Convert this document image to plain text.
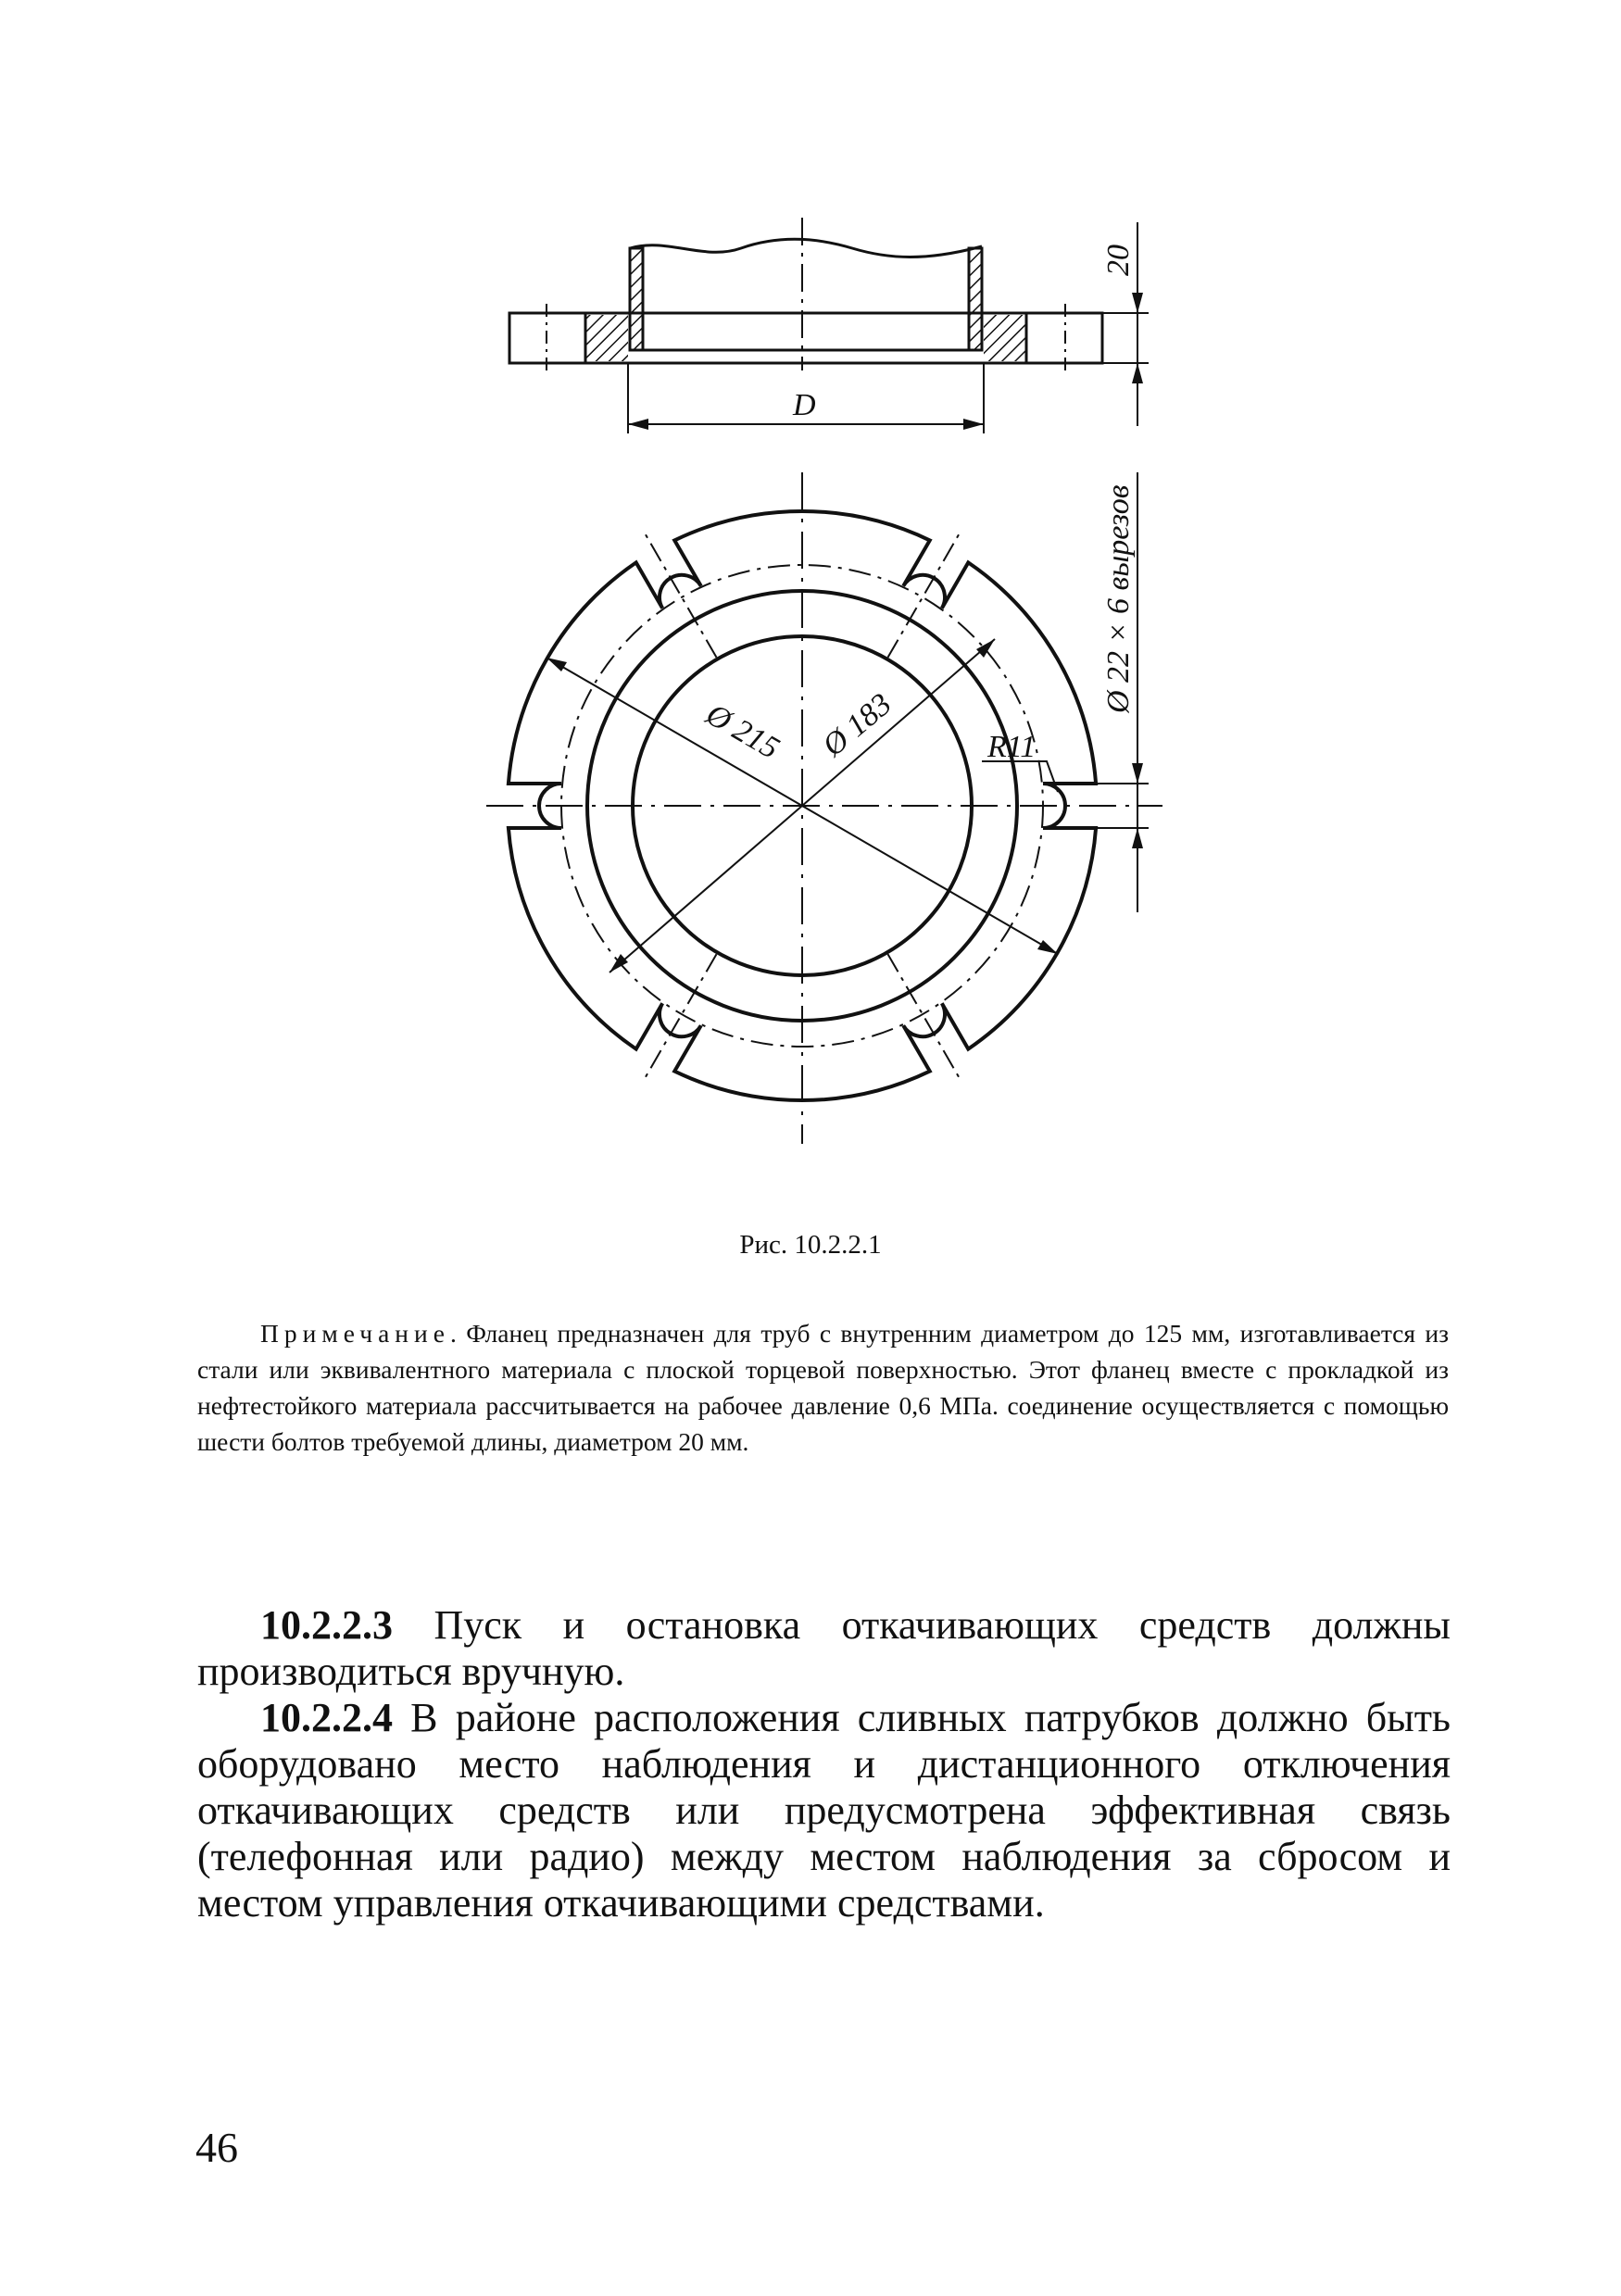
20
D
Ø 215 Ø 183	R11
Ø 22 × 6 вырезов
Рис. 10.2.2.1
Примечание. Фланец предназначен для труб с внутренним диаметром до 125 мм, изготавливается из стали или эквивалентного материала с плоской торцевой поверхностью. Этот фланец вместе с прокладкой из нефтестойкого материала рассчитывается на рабочее давление 0,6 МПа. соединение осуществляется с помощью шести болтов требуемой длины, диаметром 20 мм.

10.2.2.3 Пуск и остановка откачивающих средств должны производиться вручную.

10.2.2.4 В районе расположения сливных патрубков должно быть оборудовано место наблюдения и дистанционного отключения откачивающих средств или предусмотрена эффективная связь (телефонная или радио) между местом наблюдения за сбросом и местом управления откачивающими средствами.

46
